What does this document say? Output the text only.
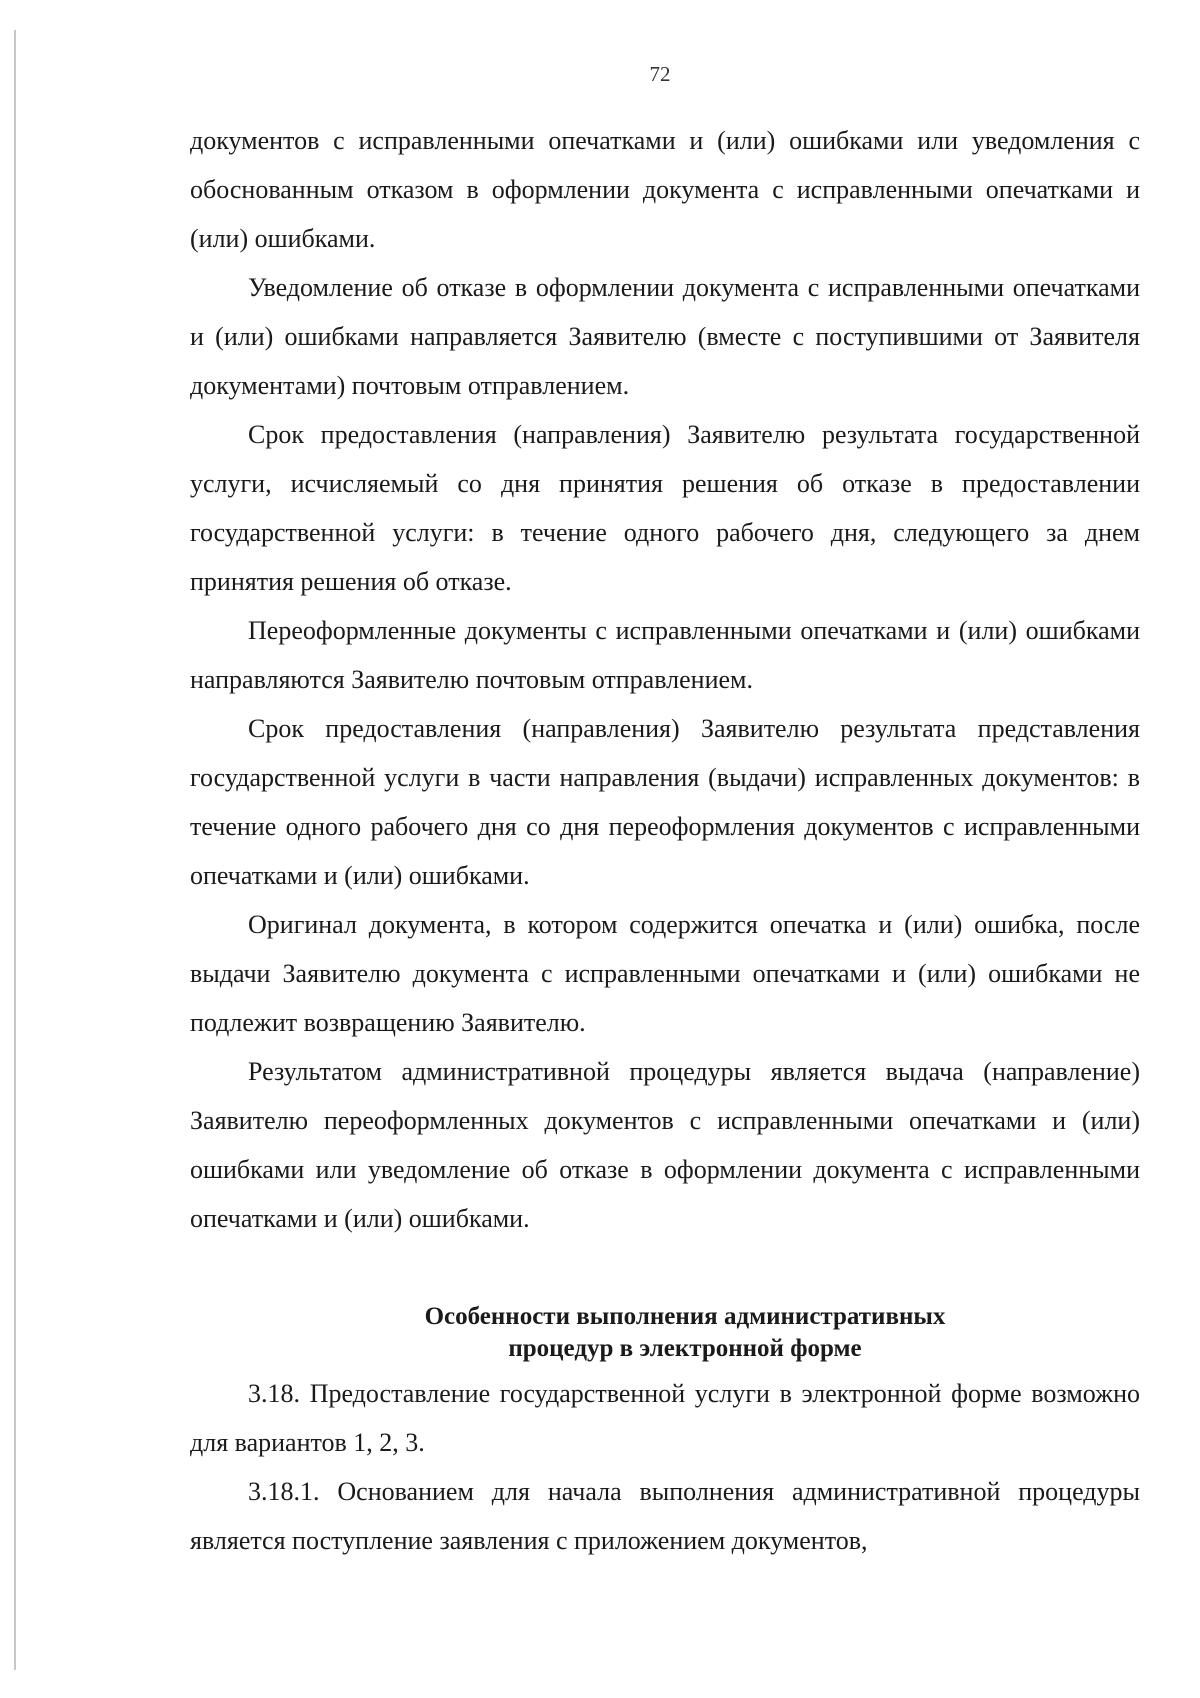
72

документов с исправленными опечатками и (или) ошибками или уведомления с обоснованным отказом в оформлении документа с исправленными опечатками и (или) ошибками.

Уведомление об отказе в оформлении документа с исправленными опечатками и (или) ошибками направляется Заявителю (вместе с поступившими от Заявителя документами) почтовым отправлением.

Срок предоставления (направления) Заявителю результата государственной услуги, исчисляемый со дня принятия решения об отказе в предоставлении государственной услуги: в течение одного рабочего дня, следующего за днем принятия решения об отказе.

Переоформленные документы с исправленными опечатками и (или) ошибками направляются Заявителю почтовым отправлением.

Срок предоставления (направления) Заявителю результата представления государственной услуги в части направления (выдачи) исправленных документов: в течение одного рабочего дня со дня переоформления документов с исправленными опечатками и (или) ошибками.

Оригинал документа, в котором содержится опечатка и (или) ошибка, после выдачи Заявителю документа с исправленными опечатками и (или) ошибками не подлежит возвращению Заявителю.

Результатом административной процедуры является выдача (направление) Заявителю переоформленных документов с исправленными опечатками и (или) ошибками или уведомление об отказе в оформлении документа с исправленными опечатками и (или) ошибками.

Особенности выполнения административных
процедур в электронной форме

3.18. Предоставление государственной услуги в электронной форме возможно для вариантов 1, 2, 3.

3.18.1. Основанием для начала выполнения административной процедуры является поступление заявления с приложением документов,
